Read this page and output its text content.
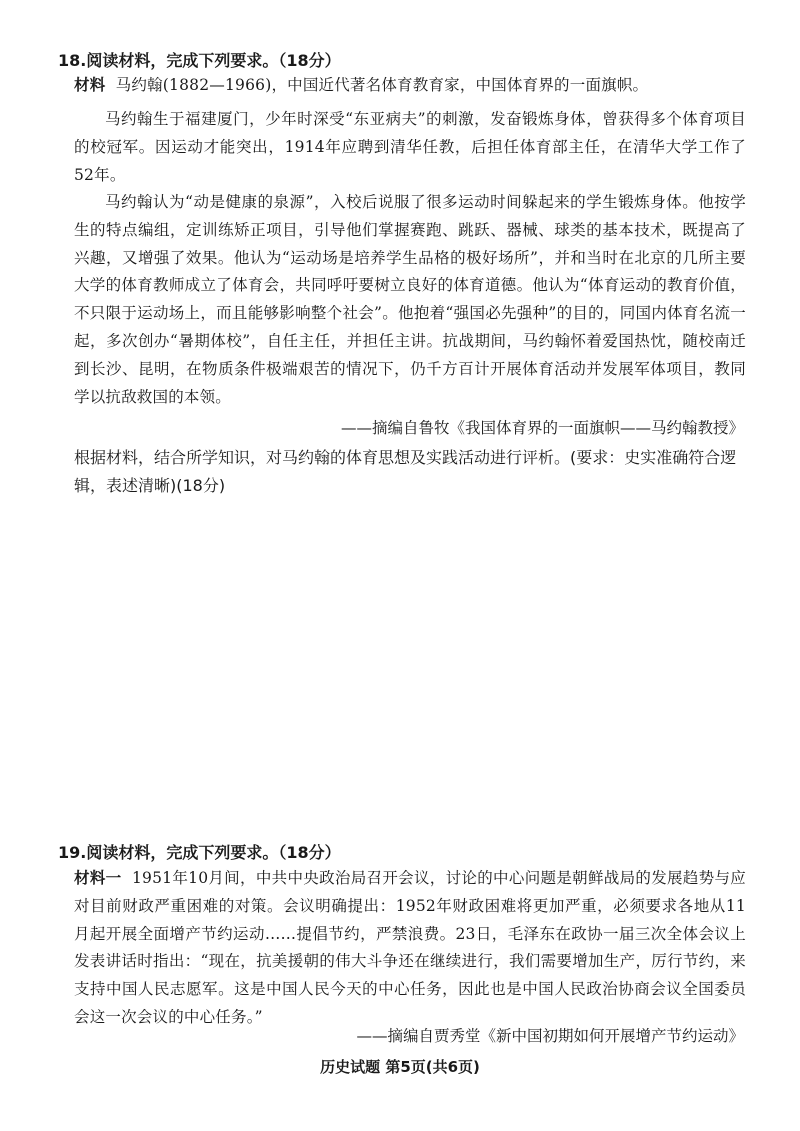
18.阅读材料，完成下列要求。（18分）

材料 马约翰(1882—1966)，中国近代著名体育教育家，中国体育界的一面旗帜。

马约翰生于福建厦门，少年时深受“东亚病夫”的刺激，发奋锻炼身体，曾获得多个体育项目的校冠军。因运动才能突出，1914年应聘到清华任教，后担任体育部主任，在清华大学工作了52年。

马约翰认为“动是健康的泉源”，入校后说服了很多运动时间躲起来的学生锻炼身体。他按学生的特点编组，定训练矫正项目，引导他们掌握赛跑、跳跃、器械、球类的基本技术，既提高了兴趣，又增强了效果。他认为“运动场是培养学生品格的极好场所”，并和当时在北京的几所主要大学的体育教师成立了体育会，共同呼吁要树立良好的体育道德。他认为“体育运动的教育价值，不只限于运动场上，而且能够影响整个社会”。他抱着“强国必先强种”的目的，同国内体育名流一起，多次创办“暑期体校”，自任主任，并担任主讲。抗战期间，马约翰怀着爱国热忱，随校南迁到长沙、昆明，在物质条件极端艰苦的情况下，仍千方百计开展体育活动并发展军体项目，教同学以抗敌救国的本领。

——摘编自鲁牧《我国体育界的一面旗帜——马约翰教授》

根据材料，结合所学知识，对马约翰的体育思想及实践活动进行评析。(要求：史实准确符合逻辑，表述清晰)(18分)

19.阅读材料，完成下列要求。（18分）

材料一 1951年10月间，中共中央政治局召开会议，讨论的中心问题是朝鲜战局的发展趋势与应对目前财政严重困难的对策。会议明确提出：1952年财政困难将更加严重，必须要求各地从11月起开展全面增产节约运动……提倡节约，严禁浪费。23日，毛泽东在政协一届三次全体会议上发表讲话时指出：“现在，抗美援朝的伟大斗争还在继续进行，我们需要增加生产，厉行节约，来支持中国人民志愿军。这是中国人民今天的中心任务，因此也是中国人民政治协商会议全国委员会这一次会议的中心任务。”

——摘编自贾秀堂《新中国初期如何开展增产节约运动》
历史试题 第5页(共6页)
